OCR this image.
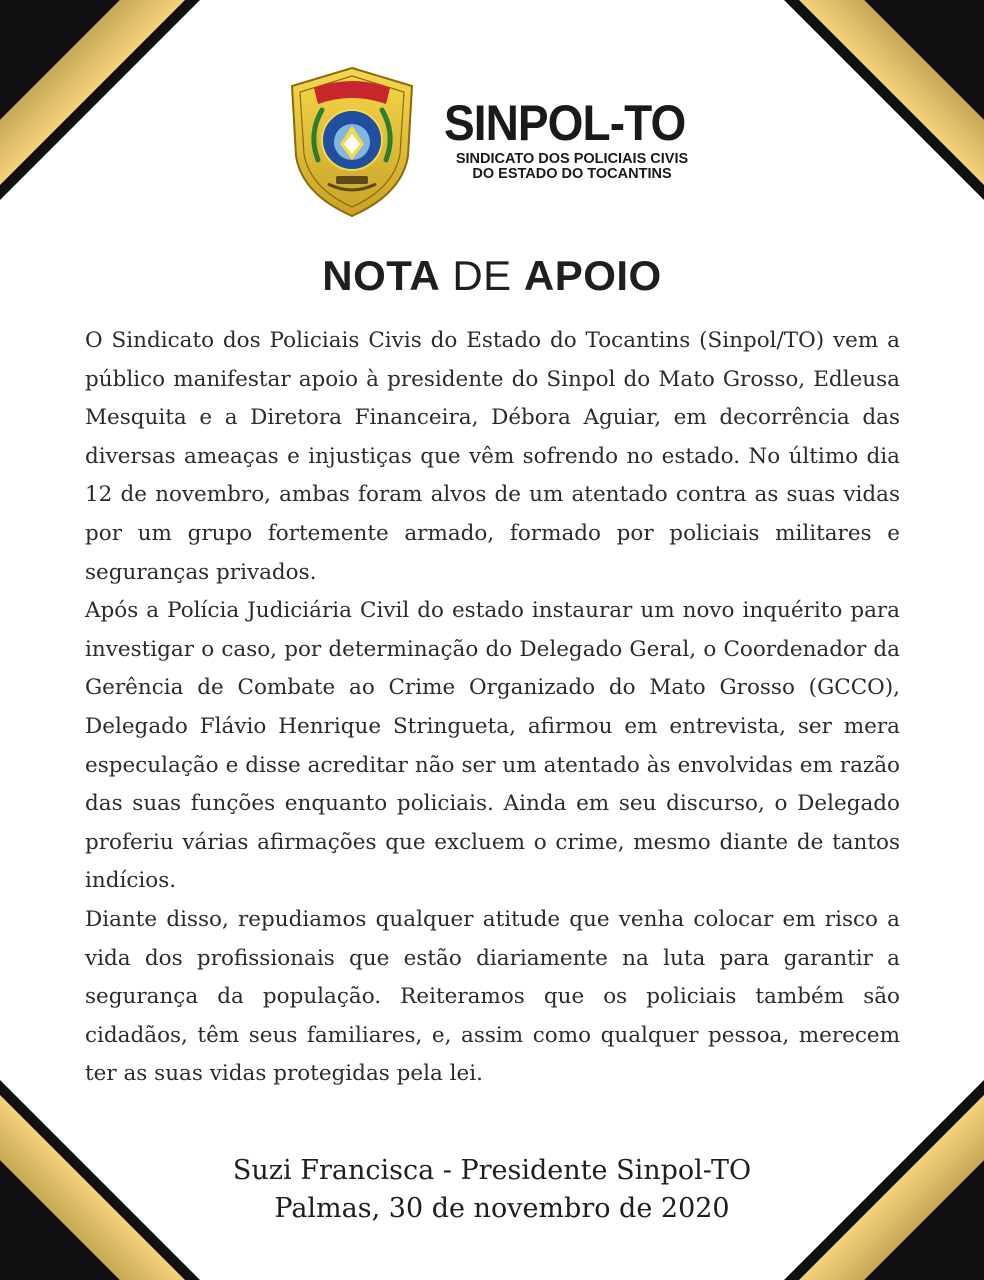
SINPOL-TO
SINDICATO DOS POLICIAIS CIVIS
DO ESTADO DO TOCANTINS
NOTA DE APOIO

O Sindicato dos Policiais Civis do Estado do Tocantins (Sinpol/TO) vem a público manifestar apoio à presidente do Sinpol do Mato Grosso, Edleusa Mesquita e a Diretora Financeira, Débora Aguiar, em decorrência das diversas ameaças e injustiças que vêm sofrendo no estado. No último dia 12 de novembro, ambas foram alvos de um atentado contra as suas vidas por um grupo fortemente armado, formado por policiais militares e seguranças privados.

Após a Polícia Judiciária Civil do estado instaurar um novo inquérito para investigar o caso, por determinação do Delegado Geral, o Coordenador da Gerência de Combate ao Crime Organizado do Mato Grosso (GCCO), Delegado Flávio Henrique Stringueta, afirmou em entrevista, ser mera especulação e disse acreditar não ser um atentado às envolvidas em razão das suas funções enquanto policiais. Ainda em seu discurso, o Delegado proferiu várias afirmações que excluem o crime, mesmo diante de tantos indícios.

Diante disso, repudiamos qualquer atitude que venha colocar em risco a vida dos profissionais que estão diariamente na luta para garantir a segurança da população. Reiteramos que os policiais também são cidadãos, têm seus familiares, e, assim como qualquer pessoa, merecem ter as suas vidas protegidas pela lei.

Suzi Francisca - Presidente Sinpol-TO
Palmas, 30 de novembro de 2020
